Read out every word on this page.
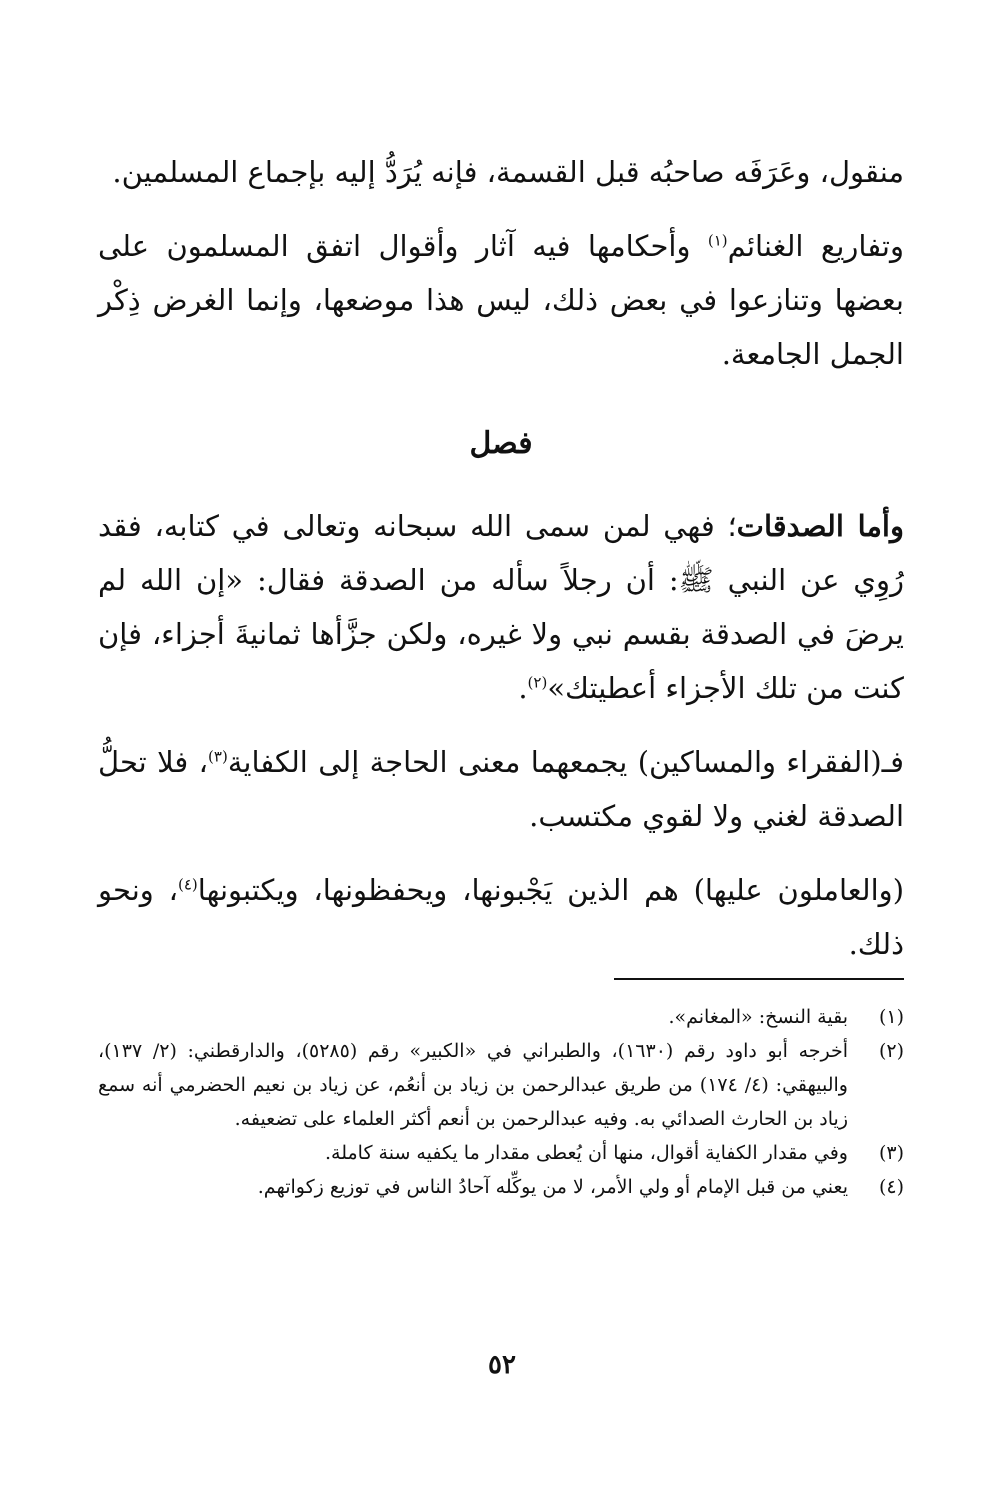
منقول، وعَرَفَه صاحبُه قبل القسمة، فإنه يُرَدُّ إليه بإجماع المسلمين.

وتفاريع الغنائم$^{(١)}$ وأحكامها فيه آثار وأقوال اتفق المسلمون على بعضها وتنازعوا في بعض ذلك، ليس هذا موضعها، وإنما الغرض ذِكْر الجمل الجامعة.

فصل

وأما الصدقات؛ فهي لمن سمى الله سبحانه وتعالى في كتابه، فقد رُوِي عن النبي ﷺ: أن رجلاً سأله من الصدقة فقال: «إن الله لم يرضَ في الصدقة بقسم نبي ولا غيره، ولكن جزَّأها ثمانيةَ أجزاء، فإن كنت من تلك الأجزاء أعطيتك»$^{(٢)}$.

فـ(الفقراء والمساكين) يجمعهما معنى الحاجة إلى الكفاية$^{(٣)}$، فلا تحلُّ الصدقة لغني ولا لقوي مكتسب.

(والعاملون عليها) هم الذين يَجْبونها، ويحفظونها، ويكتبونها$^{(٤)}$، ونحو ذلك.

(١)
بقية النسخ: «المغانم».
(٢)
أخرجه أبو داود رقم (١٦٣٠)، والطبراني في «الكبير» رقم (٥٢٨٥)، والدارقطني: (٢/ ١٣٧)، والبيهقي: (٤/ ١٧٤) من طريق عبدالرحمن بن زياد بن أنعُم، عن زياد بن نعيم الحضرمي أنه سمع زياد بن الحارث الصدائي به. وفيه عبدالرحمن بن أنعم أكثر العلماء على تضعيفه.
(٣)
وفي مقدار الكفاية أقوال، منها أن يُعطى مقدار ما يكفيه سنة كاملة.
(٤)
يعني من قبل الإمام أو ولي الأمر، لا من يوكِّله آحادُ الناس في توزيع زكواتهم.
٥٢
